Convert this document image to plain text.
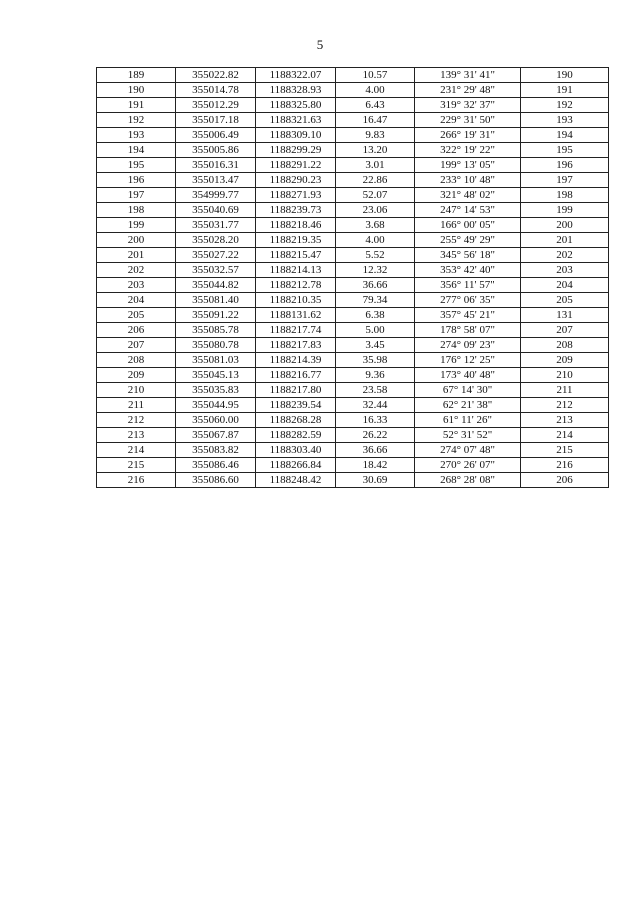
5
189	355022.82	1188322.07	10.57	139° 31' 41"	190
190	355014.78	1188328.93	4.00	231° 29' 48"	191
191	355012.29	1188325.80	6.43	319° 32' 37"	192
192	355017.18	1188321.63	16.47	229° 31' 50"	193
193	355006.49	1188309.10	9.83	266° 19' 31"	194
194	355005.86	1188299.29	13.20	322° 19' 22"	195
195	355016.31	1188291.22	3.01	199° 13' 05"	196
196	355013.47	1188290.23	22.86	233° 10' 48"	197
197	354999.77	1188271.93	52.07	321° 48' 02"	198
198	355040.69	1188239.73	23.06	247° 14' 53"	199
199	355031.77	1188218.46	3.68	166° 00' 05"	200
200	355028.20	1188219.35	4.00	255° 49' 29"	201
201	355027.22	1188215.47	5.52	345° 56' 18"	202
202	355032.57	1188214.13	12.32	353° 42' 40"	203
203	355044.82	1188212.78	36.66	356° 11' 57"	204
204	355081.40	1188210.35	79.34	277° 06' 35"	205
205	355091.22	1188131.62	6.38	357° 45' 21"	131
206	355085.78	1188217.74	5.00	178° 58' 07"	207
207	355080.78	1188217.83	3.45	274° 09' 23"	208
208	355081.03	1188214.39	35.98	176° 12' 25"	209
209	355045.13	1188216.77	9.36	173° 40' 48"	210
210	355035.83	1188217.80	23.58	67° 14' 30"	211
211	355044.95	1188239.54	32.44	62° 21' 38"	212
212	355060.00	1188268.28	16.33	61° 11' 26"	213
213	355067.87	1188282.59	26.22	52° 31' 52"	214
214	355083.82	1188303.40	36.66	274° 07' 48"	215
215	355086.46	1188266.84	18.42	270° 26' 07"	216
216	355086.60	1188248.42	30.69	268° 28' 08"	206
